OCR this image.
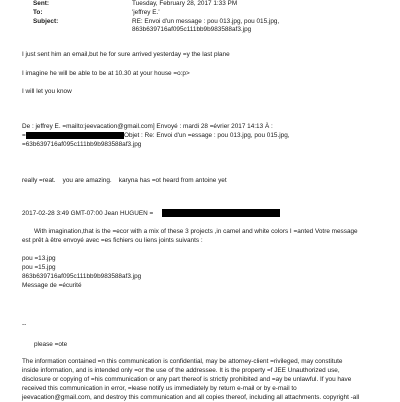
Sent:	Tuesday, February 28, 2017 1:33 PM
To:	'jeffrey E.'
Subject:	RE: Envoi d'un message : pou 013.jpg, pou 015.jpg,
863b639716af095c111bb9b983588af3.jpg
I just sent him an email,but he for sure arrived yesterday =y the last plane
I imagine he will be able to be at 10.30 at your house =o:p>
I will let you know
De : jeffrey E. =mailto:jeevacation@gmail.com] Envoyé : mardi 28 =évrier 2017 14:13 À :
=	Objet : Re: Envoi d'un =essage : pou 013.jpg, pou 015.jpg,
=63b639716af095c111bb9b983588af3.jpg
really =reat.    you are amazing.    karyna has =ot heard from antoine yet
2017-02-28 3:49 GMT-07:00 Jean HUGUEN =
With imagination,that is the =ecor with a mix of these 3 projects ,in camel and white colors I =anted Votre message
est prêt à être envoyé avec =es fichiers ou liens joints suivants :
pou =13.jpg
pou =15.jpg
863b639716af095c111bb9b983588af3.jpg
Message de =écurité
--
please =ote
The information contained =n this communication is confidential, may be attorney-client =rivileged, may constitute
inside information, and is intended only =or the use of the addressee. It is the property =f JEE Unauthorized use,
disclosure or copying of =his communication or any part thereof is strictly prohibited and =ay be unlawful. If you have
received this communication in error, =lease notify us immediately by return e-mail or by e-mail to
jeevacation@gmail.com, and destroy this communication and all copies thereof, including all attachments. copyright -all
